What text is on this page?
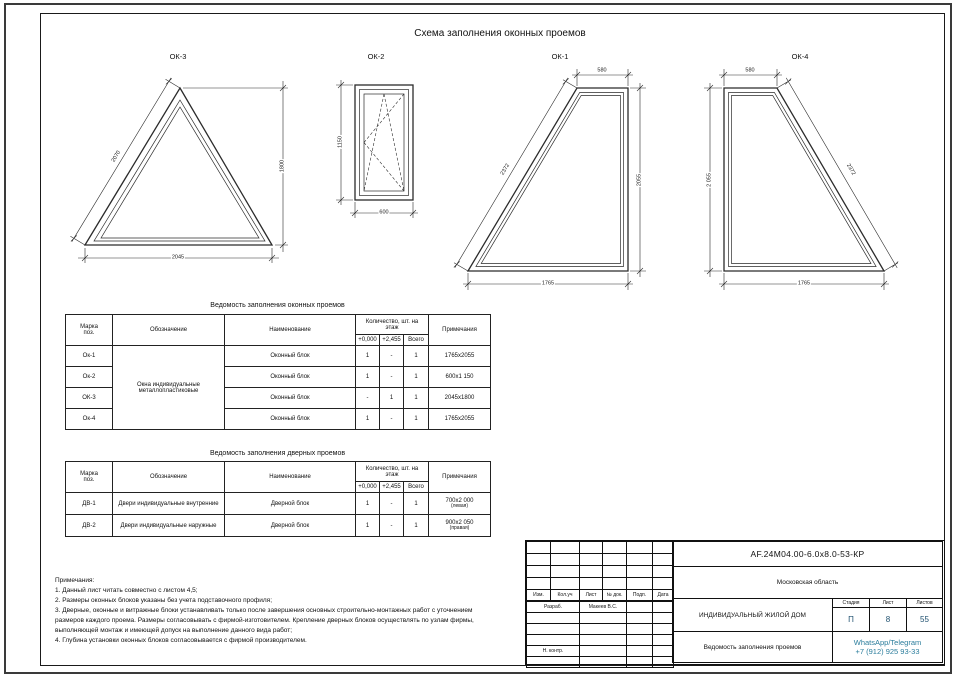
Схема заполнения оконных проемов
ОК-3
2045
1800
2070
ОК-2
1150
600
ОК-1
580
2055
1765
2372
ОК-4
580
2 055
1765
2372
Ведомость заполнения оконных проемов
Марка поз.	Обозначение	Наименование	Количество, шт. на этаж			Примечания
			+0,000	+2,455	Всего	
Ок-1	Окна индивидуальные металлопластиковые	Оконный блок	1	-	1	1765х2055
Ок-2		Оконный блок	1	-	1	600х1 150
ОК-3		Оконный блок	-	1	1	2045х1800
Ок-4		Оконный блок	1	-	1	1765х2055
Ведомость заполнения дверных проемов
Марка поз.	Обозначение	Наименование	Количество, шт. на этаж			Примечания
			+0,000	+2,455	Всего	
ДВ-1	Двери индивидуальные внутренние	Дверной блок	1	-	1	700х2 000
(левая)

ДВ-2	Двери индивидуальные наружные	Дверной блок	1	-	1	900х2 050
(правая)
Примечания:
1. Данный лист читать совместно с листом 4,5;
2. Размеры оконных блоков указаны без учета подставочного профиля;
3. Дверные, оконные и витражные блоки устанавливать только после завершения основных строительно-монтажных работ с уточнением
размеров каждого проема. Размеры согласовывать с фирмой-изготовителем. Крепление дверных блоков осуществлять по узлам фирмы,
выполняющей монтаж и имеющей допуск на выполнение данного вида работ;
4. Глубина установки оконных блоков согласовывается с фирмой производителем.

Изм.	Кол.уч	Лист	№ док.	Подп.	Дата
Разраб.	Макеев В.С.		

Н. контр.			

АF.24М04.00-6.0х8.0-53-КР
Московская область
ИНДИВИДУАЛЬНЫЙ ЖИЛОЙ ДОМ
Стадия	Лист	Листов
П	8	55
Ведомость заполнения проемов
WhatsApp/Telegram
+7 (912) 925 93-33
